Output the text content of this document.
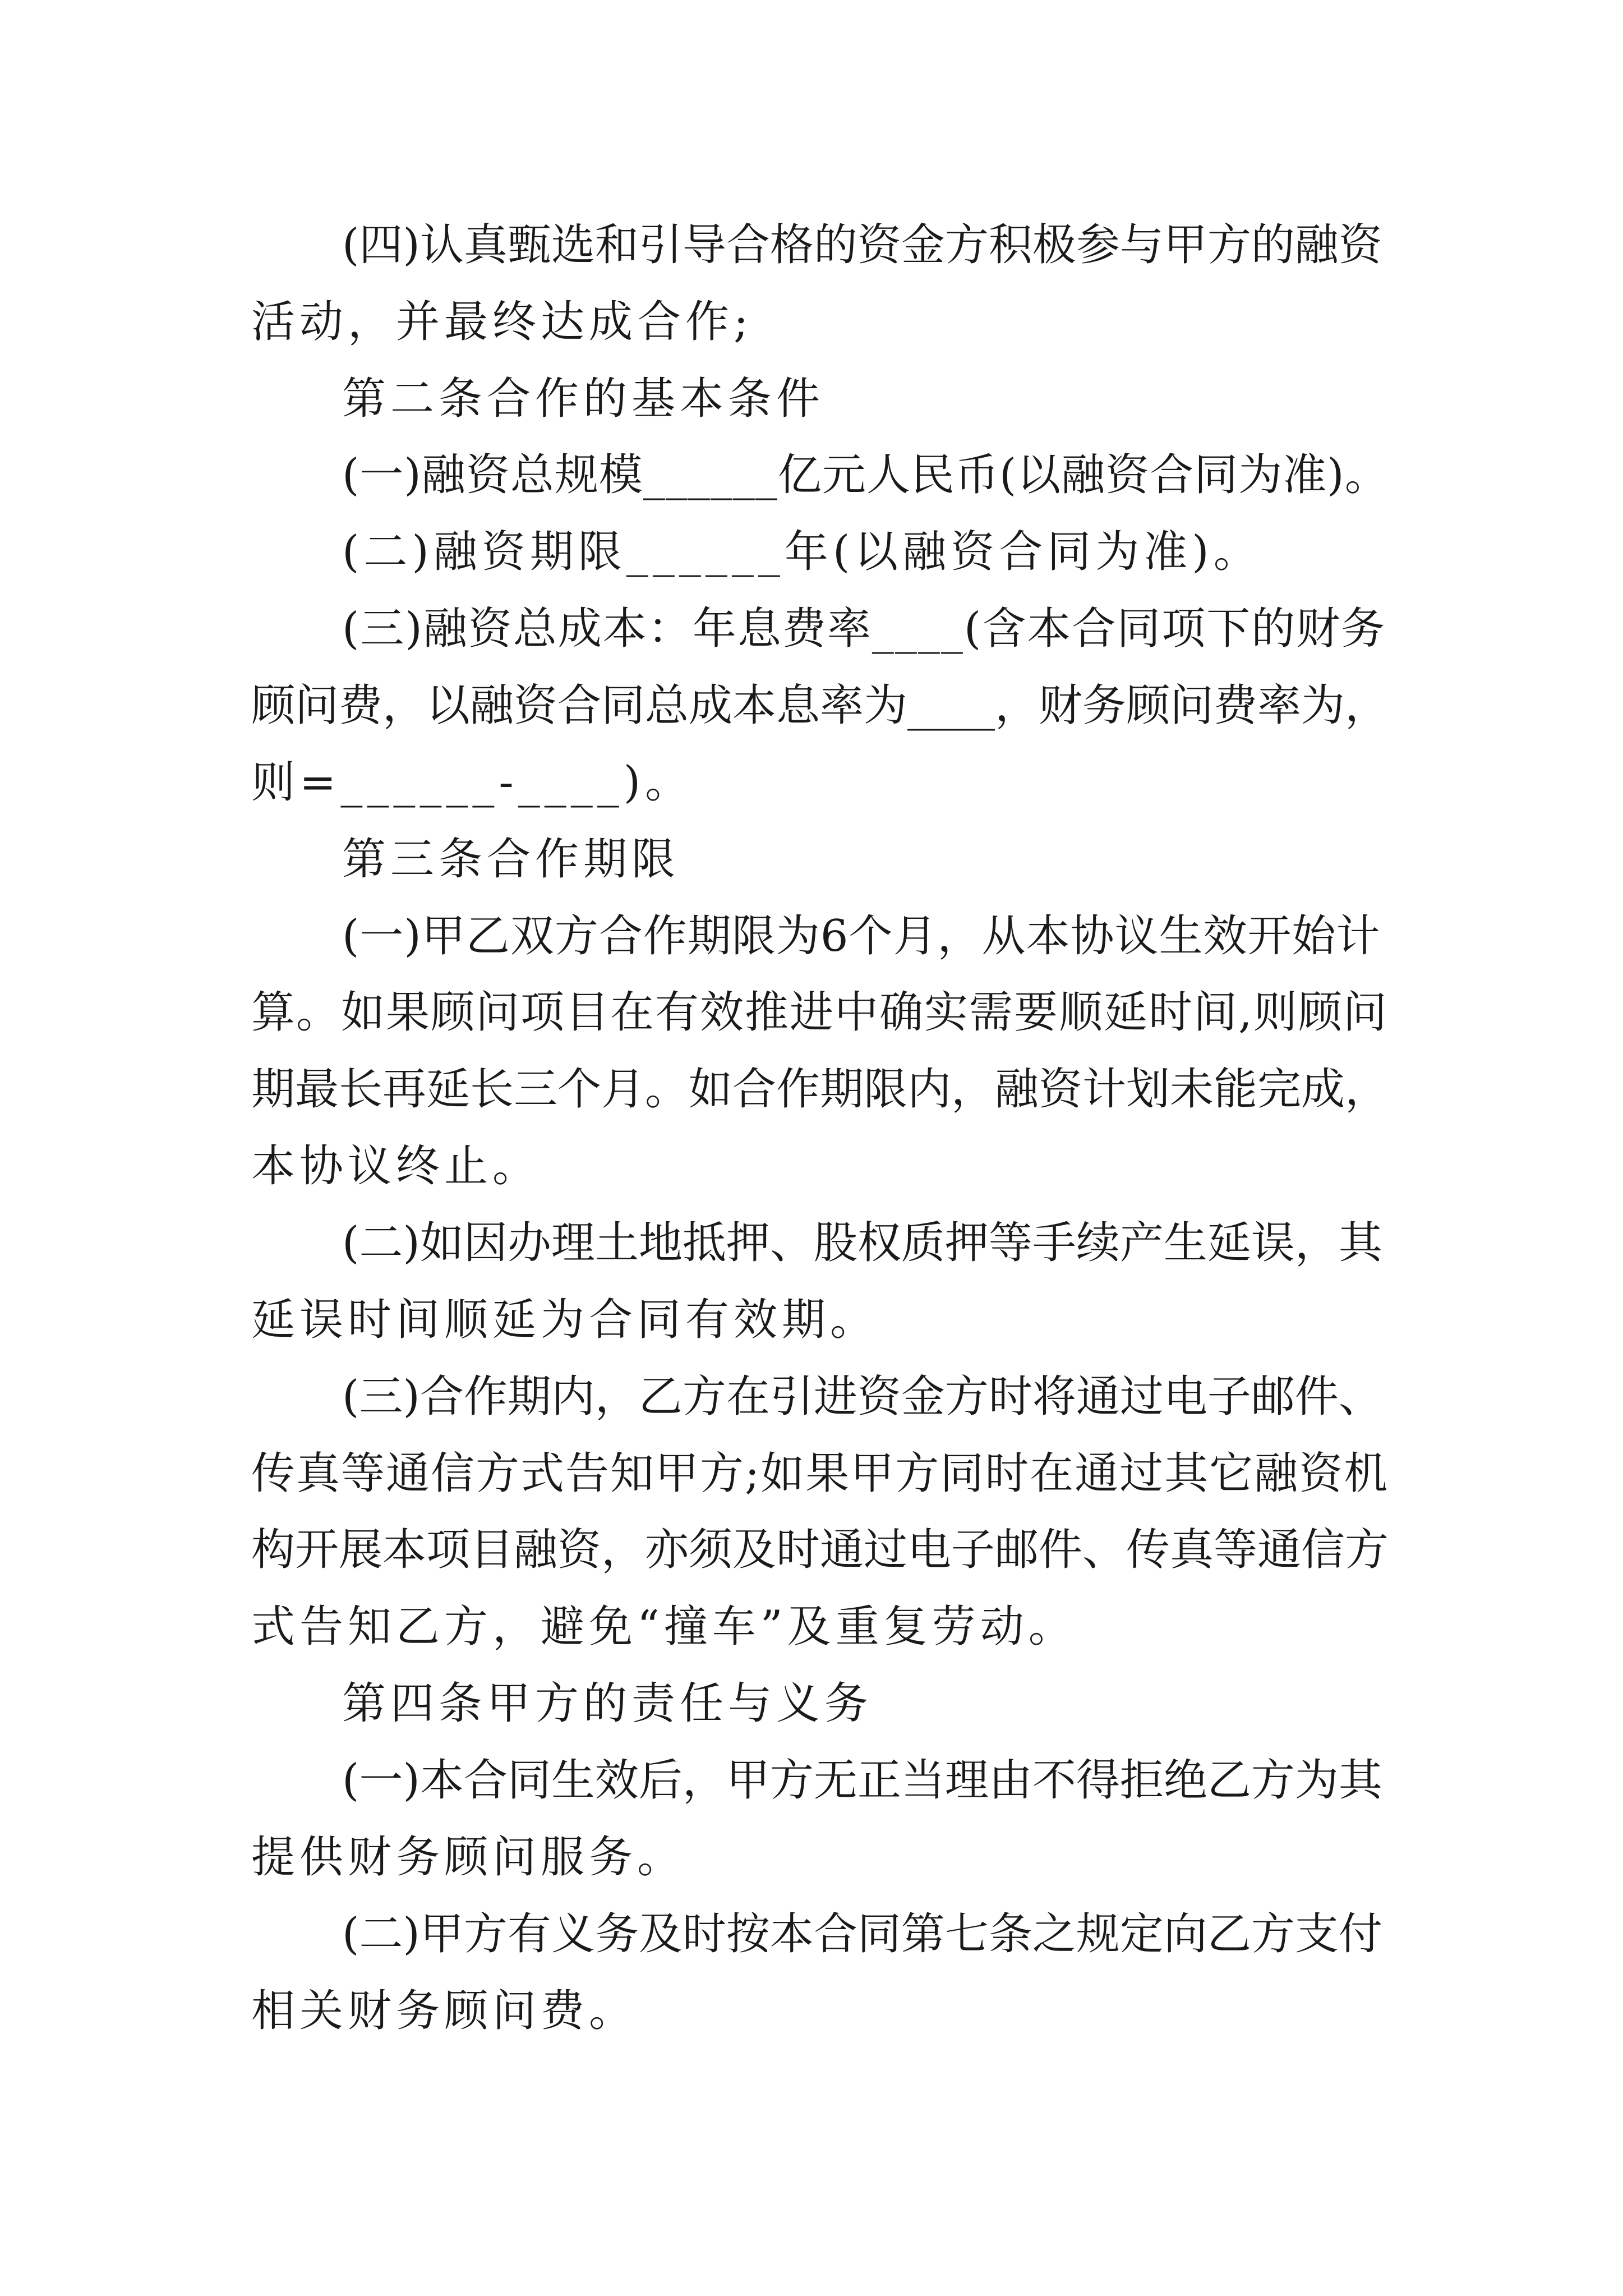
(四)认真甄选和引导合格的资金方积极参与甲方的融资
活动，并最终达成合作;
第二条合作的基本条件
(一)融资总规模______亿元人民币(以融资合同为准)。
(二)融资期限______年(以融资合同为准)。
(三)融资总成本：年息费率____(含本合同项下的财务
顾问费，以融资合同总成本息率为____，财务顾问费率为，
则=______-____)。
第三条合作期限
(一)甲乙双方合作期限为6个月，从本协议生效开始计
算。如果顾问项目在有效推进中确实需要顺延时间,则顾问
期最长再延长三个月。如合作期限内，融资计划未能完成，
本协议终止。
(二)如因办理土地抵押、股权质押等手续产生延误，其
延误时间顺延为合同有效期。
(三)合作期内，乙方在引进资金方时将通过电子邮件、
传真等通信方式告知甲方;如果甲方同时在通过其它融资机
构开展本项目融资，亦须及时通过电子邮件、传真等通信方
式告知乙方，避免“撞车”及重复劳动。
第四条甲方的责任与义务
(一)本合同生效后，甲方无正当理由不得拒绝乙方为其
提供财务顾问服务。
(二)甲方有义务及时按本合同第七条之规定向乙方支付
相关财务顾问费。
